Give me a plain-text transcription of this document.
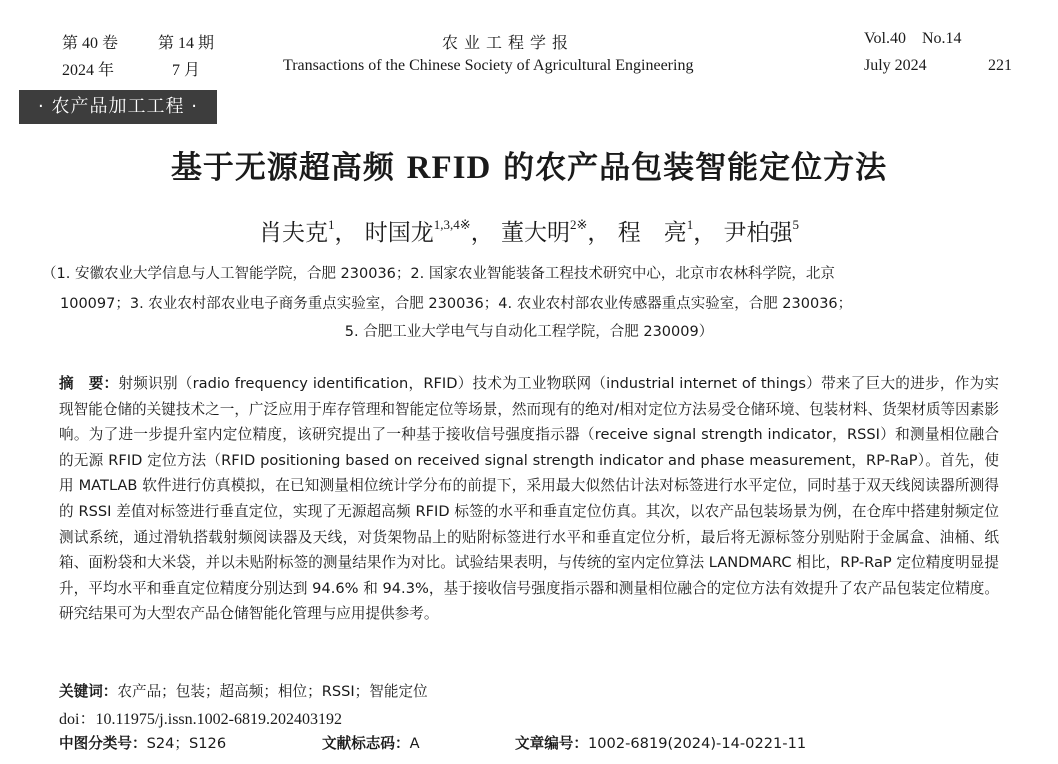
第 40 卷 第 14 期
2024 年	7 月
农 业 工 程 学 报
Transactions of the Chinese Society of Agricultural Engineering
Vol.40    No.14
July 2024	221
· 农产品加工工程 ·
基于无源超高频 RFID 的农产品包装智能定位方法
肖夫克$^1$， 时国龙$^{1,3,4※}$， 董大明$^{2※}$， 程　亮$^1$， 尹柏强$^5$
（1. 安徽农业大学信息与人工智能学院，合肥 230036；2. 国家农业智能装备工程技术研究中心，北京市农林科学院，北京
100097；3. 农业农村部农业电子商务重点实验室，合肥 230036；4. 农业农村部农业传感器重点实验室，合肥 230036；
5. 合肥工业大学电气与自动化工程学院，合肥 230009）
摘　要：射频识别（radio frequency identification，RFID）技术为工业物联网（industrial internet of things）带来了巨大的进步，作为实现智能仓储的关键技术之一，广泛应用于库存管理和智能定位等场景，然而现有的绝对/相对定位方法易受仓储环境、包装材料、货架材质等因素影响。为了进一步提升室内定位精度，该研究提出了一种基于接收信号强度指示器（receive signal strength indicator，RSSI）和测量相位融合的无源 RFID 定位方法（RFID positioning based on received signal strength indicator and phase measurement，RP-RaP）。首先，使用 MATLAB 软件进行仿真模拟，在已知测量相位统计学分布的前提下，采用最大似然估计法对标签进行水平定位，同时基于双天线阅读器所测得的 RSSI 差值对标签进行垂直定位，实现了无源超高频 RFID 标签的水平和垂直定位仿真。其次，以农产品包装场景为例，在仓库中搭建射频定位测试系统，通过滑轨搭载射频阅读器及天线，对货架物品上的贴附标签进行水平和垂直定位分析，最后将无源标签分别贴附于金属盒、油桶、纸箱、面粉袋和大米袋，并以未贴附标签的测量结果作为对比。试验结果表明，与传统的室内定位算法 LANDMARC 相比，RP-RaP 定位精度明显提升，平均水平和垂直定位精度分别达到 94.6% 和 94.3%，基于接收信号强度指示器和测量相位融合的定位方法有效提升了农产品包装定位精度。研究结果可为大型农产品仓储智能化管理与应用提供参考。
关键词：农产品；包装；超高频；相位；RSSI；智能定位
doi：10.11975/j.issn.1002-6819.202403192
中图分类号：S24；S126	文献标志码：A	文章编号：1002-6819(2024)-14-0221-11
